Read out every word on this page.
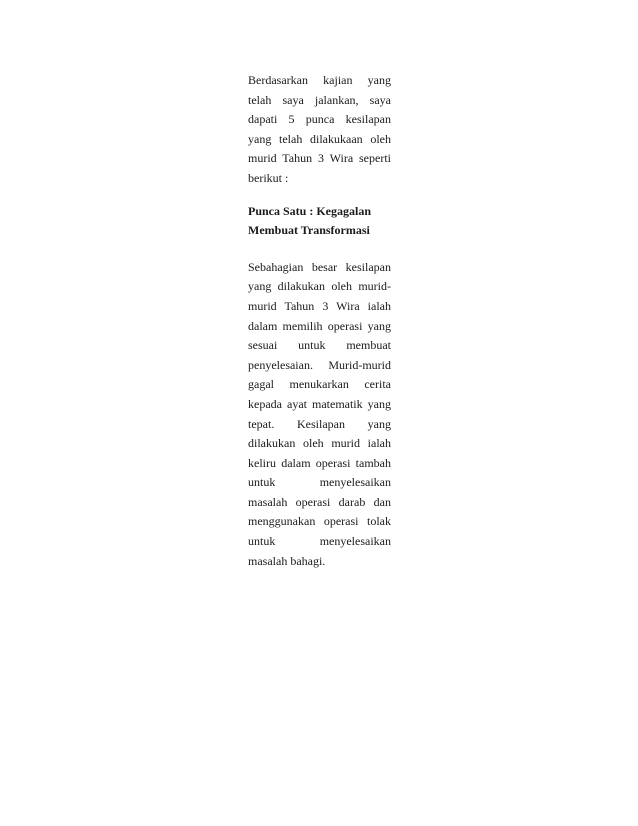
Berdasarkan kajian yang telah saya jalankan, saya dapati 5 punca kesilapan yang telah dilakukaan oleh murid Tahun 3 Wira seperti berikut :

Punca Satu : Kegagalan
Membuat Transformasi

Sebahagian besar kesilapan yang dilakukan oleh murid-murid Tahun 3 Wira ialah dalam memilih operasi yang sesuai untuk membuat penyelesaian. Murid-murid gagal menukarkan cerita kepada ayat matematik yang tepat. Kesilapan yang dilakukan oleh murid ialah keliru dalam operasi tambah untuk menyelesaikan masalah operasi darab dan menggunakan operasi tolak untuk menyelesaikan masalah bahagi.
